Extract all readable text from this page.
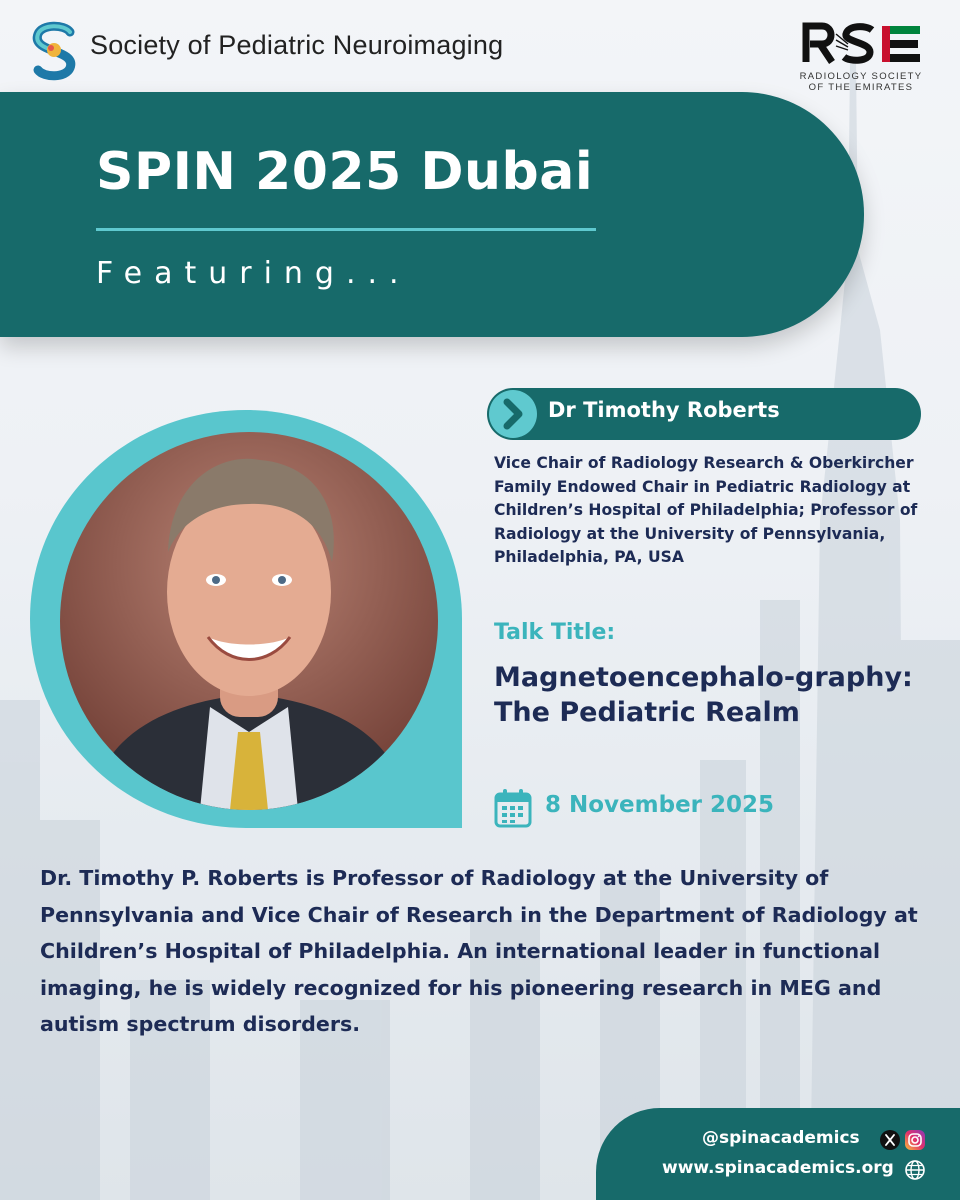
Society of Pediatric Neuroimaging
RADIOLOGY SOCIETY
OF THE EMIRATES
SPIN 2025 Dubai
Featuring...
Dr Timothy Roberts
Vice Chair of Radiology Research & Oberkircher Family Endowed Chair in Pediatric Radiology at Children’s Hospital of Philadelphia; Professor of Radiology at the University of Pennsylvania, Philadelphia, PA, USA
Talk Title:
Magnetoencephalo-graphy: The Pediatric Realm
8 November 2025
Dr. Timothy P. Roberts is Professor of Radiology at the University of Pennsylvania and Vice Chair of Research in the Department of Radiology at Children’s Hospital of Philadelphia. An international leader in functional imaging, he is widely recognized for his pioneering research in MEG and autism spectrum disorders.
@spinacademics
www.spinacademics.org
